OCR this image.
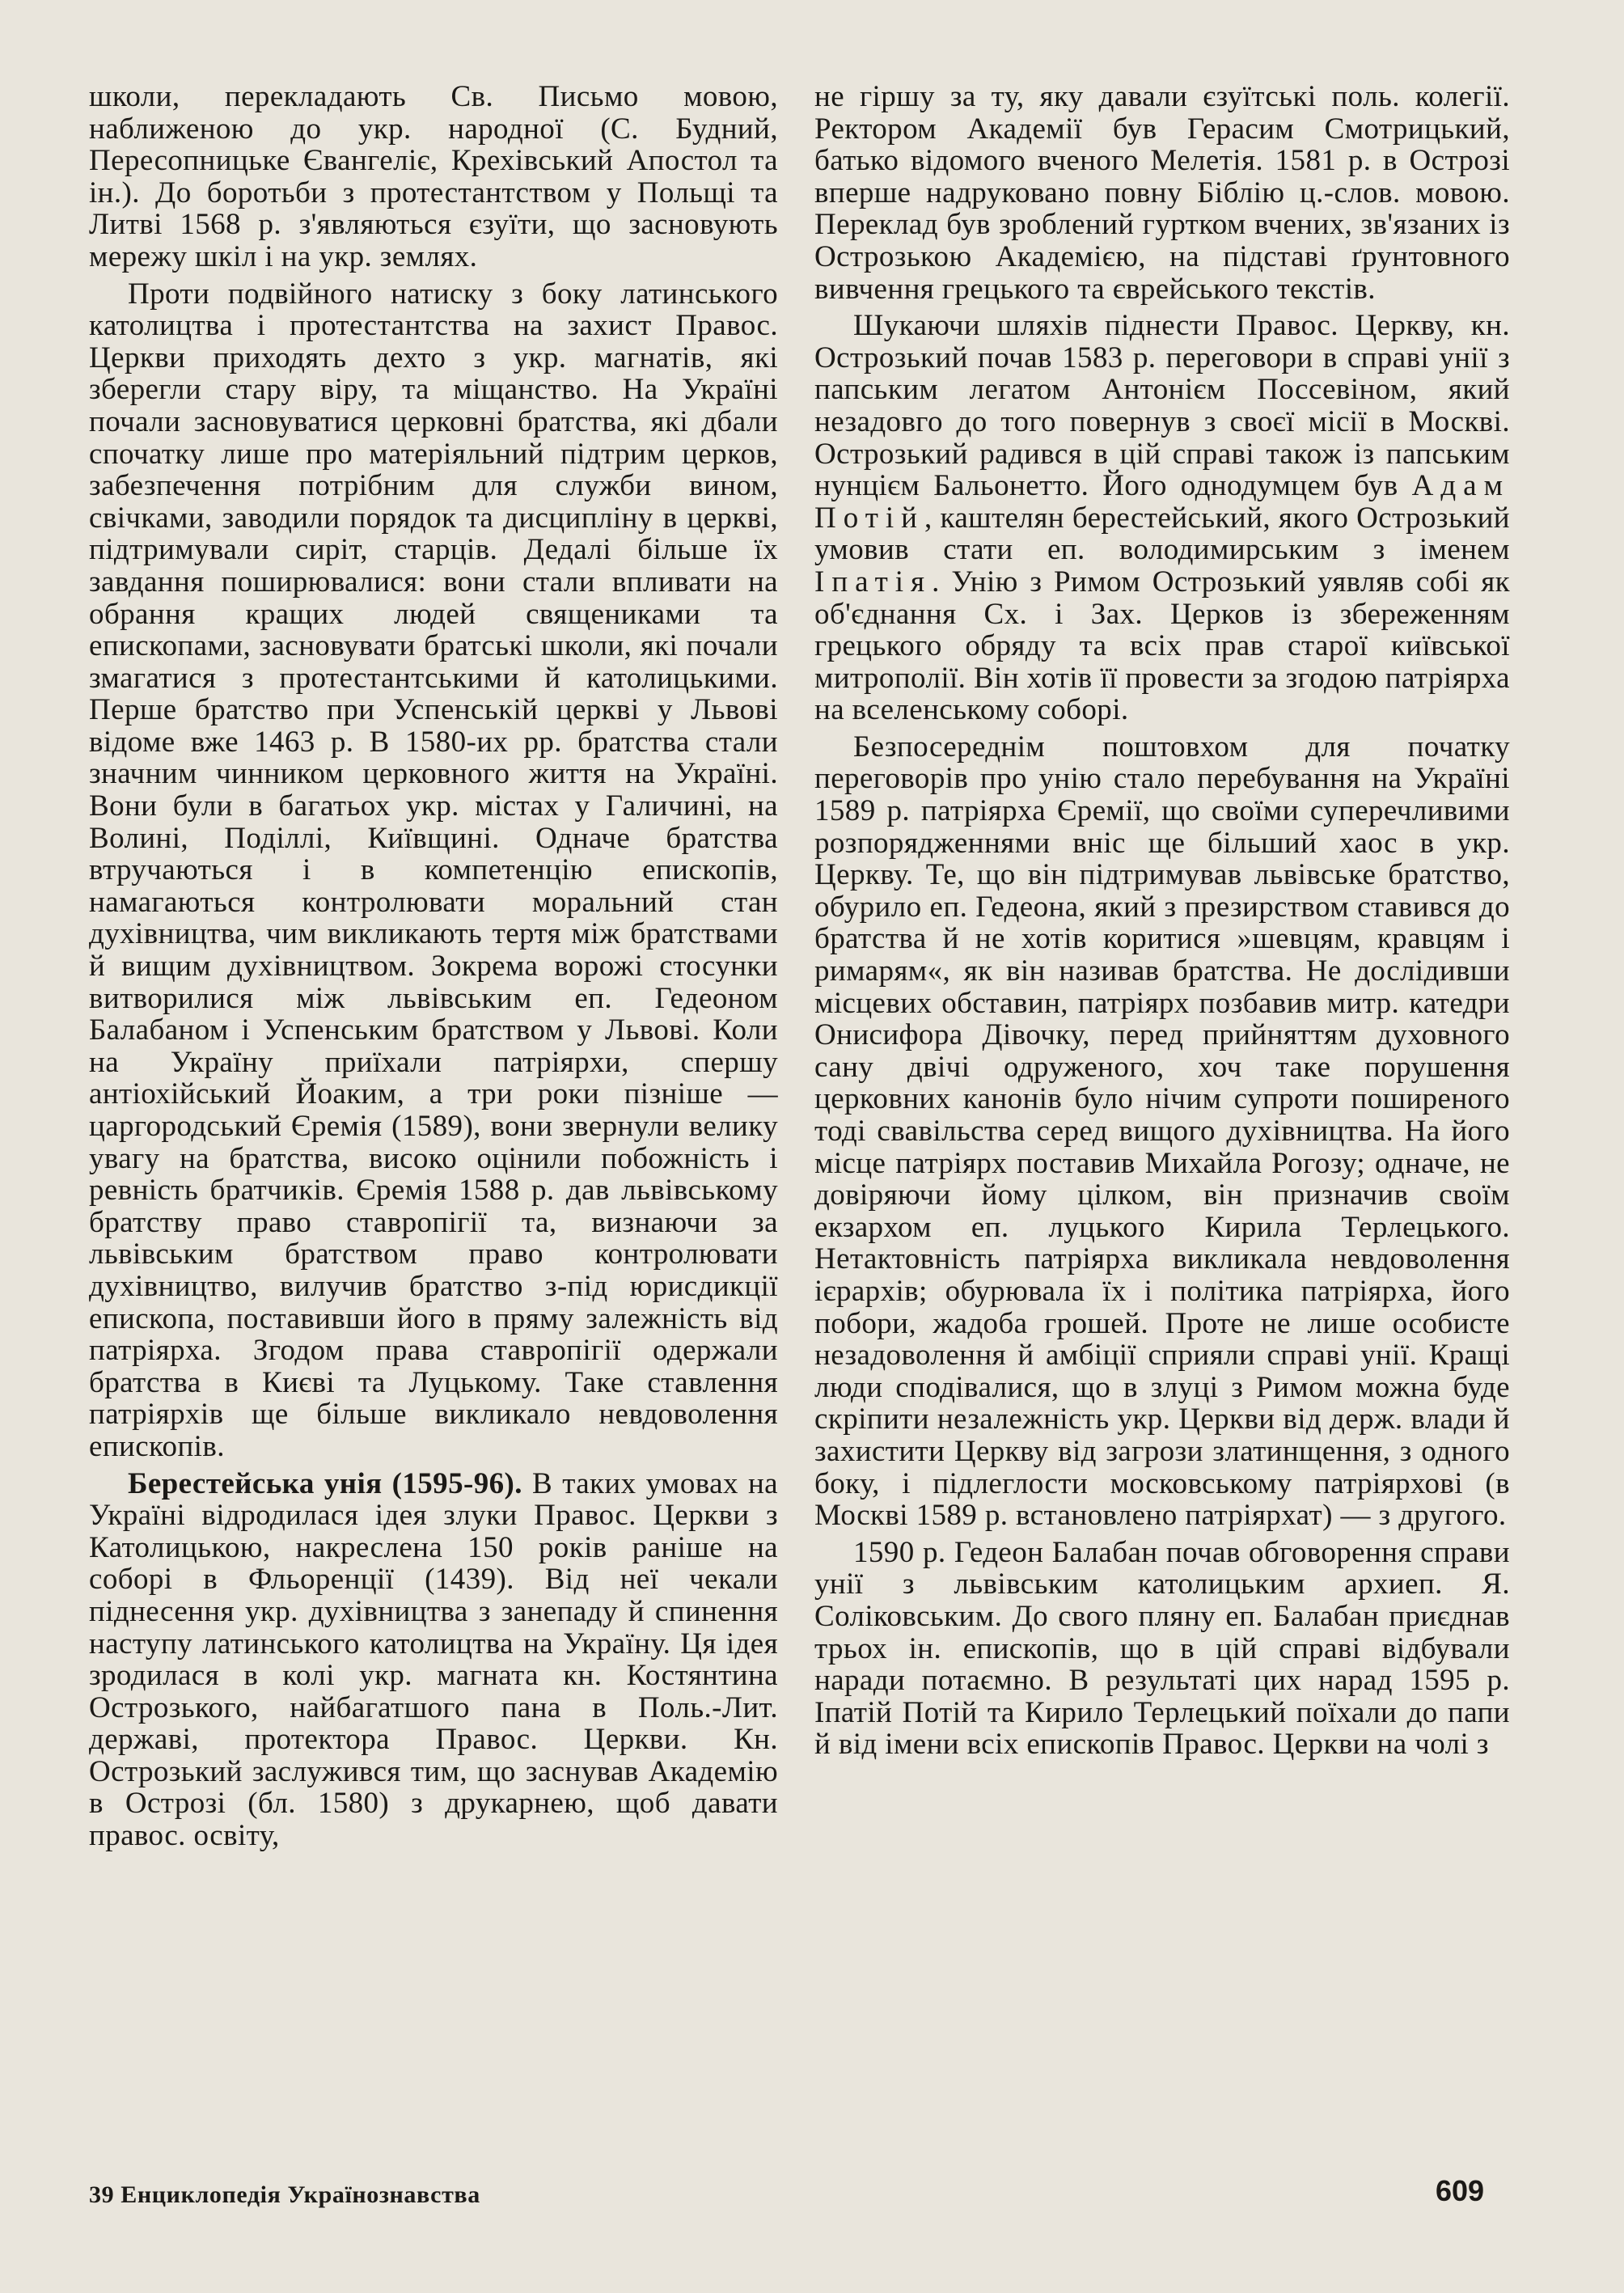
школи, перекладають Св. Письмо мовою, наближеною до укр. народної (С. Будний, Пересопницьке Євангеліє, Крехівський Апостол та ін.). До боротьби з протестантством у Польщі та Литві 1568 р. з'являються єзуїти, що засновують мережу шкіл і на укр. землях.

Проти подвійного натиску з боку латинського католицтва і протестантства на захист Правос. Церкви приходять дехто з укр. магнатів, які зберегли стару віру, та міщанство. На Україні почали засновуватися церковні братства, які дбали спочатку лише про матеріяльний підтрим церков, забезпечення потрібним для служби вином, свічками, заводили порядок та дисципліну в церкві, підтримували сиріт, старців. Дедалі більше їх завдання поширювалися: вони стали впливати на обрання кращих людей священиками та епископами, засновувати братські школи, які почали змагатися з протестантськими й католицькими. Перше братство при Успенській церкві у Львові відоме вже 1463 р. В 1580-их рр. братства стали значним чинником церковного життя на Україні. Вони були в багатьох укр. містах у Галичині, на Волині, Поділлі, Київщині. Одначе братства втручаються і в компетенцію епископів, намагаються контролювати моральний стан духівництва, чим викликають тертя між братствами й вищим духівництвом. Зокрема ворожі стосунки витворилися між львівським еп. Гедеоном Балабаном і Успенським братством у Львові. Коли на Україну приїхали патріярхи, спершу антіохійський Йоаким, а три роки пізніше — царгородський Єремія (1589), вони звернули велику увагу на братства, високо оцінили побожність і ревність братчиків. Єремія 1588 р. дав львівському братству право ставропігії та, визнаючи за львівським братством право контролювати духівництво, вилучив братство з-під юрисдикції епископа, поставивши його в пряму залежність від патріярха. Згодом права ставропігії одержали братства в Києві та Луцькому. Таке ставлення патріярхів ще більше викликало невдоволення епископів.

Берестейська унія (1595-96). В таких умовах на Україні відродилася ідея злуки Правос. Церкви з Католицькою, накреслена 150 років раніше на соборі в Фльоренції (1439). Від неї чекали піднесення укр. духівництва з занепаду й спинення наступу латинського католицтва на Україну. Ця ідея зродилася в колі укр. магната кн. Костянтина Острозького, найбагатшого пана в Поль.-Лит. державі, протектора Правос. Церкви. Кн. Острозький заслужився тим, що заснував Академію в Острозі (бл. 1580) з друкарнею, щоб давати правос. освіту,

не гіршу за ту, яку давали єзуїтські поль. колегії. Ректором Академії був Герасим Смотрицький, батько відомого вченого Мелетія. 1581 р. в Острозі вперше надруковано повну Біблію ц.-слов. мовою. Переклад був зроблений гуртком вчених, зв'язаних із Острозькою Академією, на підставі ґрунтовного вивчення грецького та єврейського текстів.

Шукаючи шляхів піднести Правос. Церкву, кн. Острозький почав 1583 р. переговори в справі унії з папським легатом Антонієм Поссевіном, який незадовго до того повернув з своєї місії в Москві. Острозький радився в цій справі також із папським нунцієм Бальонетто. Його однодумцем був Адам Потій, каштелян берестейський, якого Острозький умовив стати еп. володимирським з іменем Іпатія. Унію з Римом Острозький уявляв собі як об'єднання Сх. і Зах. Церков із збереженням грецького обряду та всіх прав старої київської митрополії. Він хотів її провести за згодою патріярха на вселенському соборі.

Безпосереднім поштовхом для початку переговорів про унію стало перебування на Україні 1589 р. патріярха Єремії, що своїми суперечливими розпорядженнями вніс ще більший хаос в укр. Церкву. Те, що він підтримував львівське братство, обурило еп. Гедеона, який з презирством ставився до братства й не хотів коритися »шевцям, кравцям і римарям«, як він називав братства. Не дослідивши місцевих обставин, патріярх позбавив митр. катедри Онисифора Дівочку, перед прийняттям духовного сану двічі одруженого, хоч таке порушення церковних канонів було нічим супроти поширеного тоді свавільства серед вищого духівництва. На його місце патріярх поставив Михайла Рогозу; одначе, не довіряючи йому цілком, він призначив своїм екзархом еп. луцького Кирила Терлецького. Нетактовність патріярха викликала невдоволення ієрархів; обурювала їх і політика патріярха, його побори, жадоба грошей. Проте не лише особисте незадоволення й амбіції сприяли справі унії. Кращі люди сподівалися, що в злуці з Римом можна буде скріпити незалежність укр. Церкви від держ. влади й захистити Церкву від загрози златинщення, з одного боку, і підлеглости московському патріярхові (в Москві 1589 р. встановлено патріярхат) — з другого.

1590 р. Гедеон Балабан почав обговорення справи унії з львівським католицьким архиеп. Я. Соліковським. До свого пляну еп. Балабан приєднав трьох ін. епископів, що в цій справі відбували наради потаємно. В результаті цих нарад 1595 р. Іпатій Потій та Кирило Терлецький поїхали до папи й від імени всіх епископів Правос. Церкви на чолі з

39 Енциклопедія Українознавства	609
